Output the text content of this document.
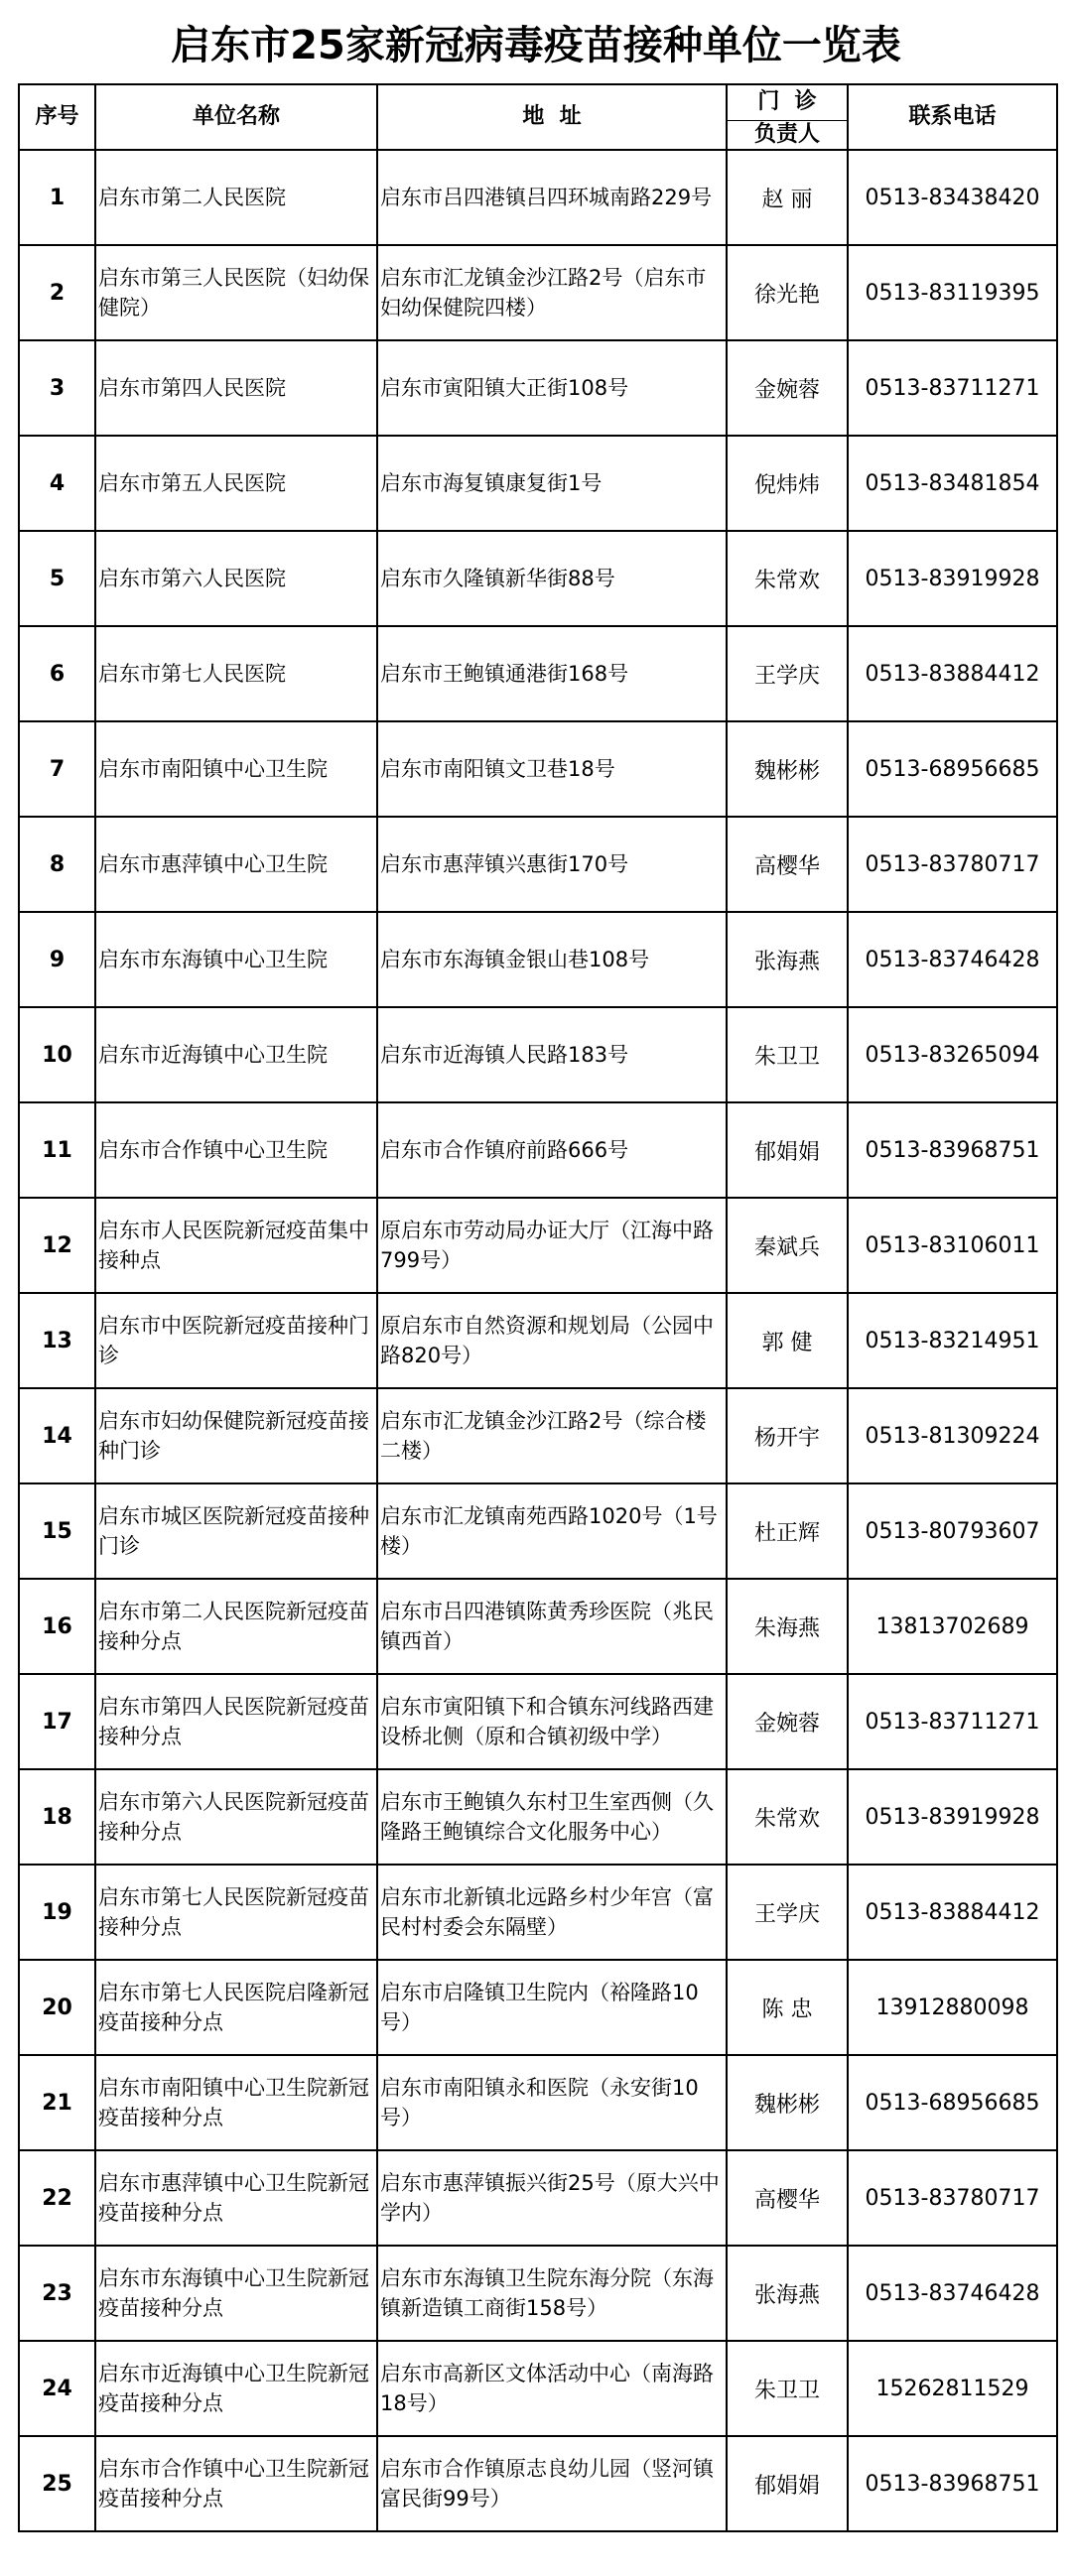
启东市25家新冠病毒疫苗接种单位一览表
序号	单位名称	地  址	门  诊	联系电话
			负责人	
1	启东市第二人民医院	启东市吕四港镇吕四环城南路229号	赵 丽	0513-83438420
2	启东市第三人民医院（妇幼保健院）	启东市汇龙镇金沙江路2号（启东市妇幼保健院四楼）	徐光艳	0513-83119395
3	启东市第四人民医院	启东市寅阳镇大正街108号	金婉蓉	0513-83711271
4	启东市第五人民医院	启东市海复镇康复街1号	倪炜炜	0513-83481854
5	启东市第六人民医院	启东市久隆镇新华街88号	朱常欢	0513-83919928
6	启东市第七人民医院	启东市王鲍镇通港街168号	王学庆	0513-83884412
7	启东市南阳镇中心卫生院	启东市南阳镇文卫巷18号	魏彬彬	0513-68956685
8	启东市惠萍镇中心卫生院	启东市惠萍镇兴惠街170号	高樱华	0513-83780717
9	启东市东海镇中心卫生院	启东市东海镇金银山巷108号	张海燕	0513-83746428
10	启东市近海镇中心卫生院	启东市近海镇人民路183号	朱卫卫	0513-83265094
11	启东市合作镇中心卫生院	启东市合作镇府前路666号	郁娟娟	0513-83968751
12	启东市人民医院新冠疫苗集中接种点	原启东市劳动局办证大厅（江海中路799号）	秦斌兵	0513-83106011
13	启东市中医院新冠疫苗接种门诊	原启东市自然资源和规划局（公园中路820号）	郭 健	0513-83214951
14	启东市妇幼保健院新冠疫苗接种门诊	启东市汇龙镇金沙江路2号（综合楼二楼）	杨开宇	0513-81309224
15	启东市城区医院新冠疫苗接种门诊	启东市汇龙镇南苑西路1020号（1号楼）	杜正辉	0513-80793607
16	启东市第二人民医院新冠疫苗接种分点	启东市吕四港镇陈黄秀珍医院（兆民镇西首）	朱海燕	13813702689
17	启东市第四人民医院新冠疫苗接种分点	启东市寅阳镇下和合镇东河线路西建设桥北侧（原和合镇初级中学）	金婉蓉	0513-83711271
18	启东市第六人民医院新冠疫苗接种分点	启东市王鲍镇久东村卫生室西侧（久隆路王鲍镇综合文化服务中心）	朱常欢	0513-83919928
19	启东市第七人民医院新冠疫苗接种分点	启东市北新镇北远路乡村少年宫（富民村村委会东隔壁）	王学庆	0513-83884412
20	启东市第七人民医院启隆新冠疫苗接种分点	启东市启隆镇卫生院内（裕隆路10号）	陈 忠	13912880098
21	启东市南阳镇中心卫生院新冠疫苗接种分点	启东市南阳镇永和医院（永安街10号）	魏彬彬	0513-68956685
22	启东市惠萍镇中心卫生院新冠疫苗接种分点	启东市惠萍镇振兴街25号（原大兴中学内）	高樱华	0513-83780717
23	启东市东海镇中心卫生院新冠疫苗接种分点	启东市东海镇卫生院东海分院（东海镇新造镇工商街158号）	张海燕	0513-83746428
24	启东市近海镇中心卫生院新冠疫苗接种分点	启东市高新区文体活动中心（南海路18号）	朱卫卫	15262811529
25	启东市合作镇中心卫生院新冠疫苗接种分点	启东市合作镇原志良幼儿园（竖河镇富民街99号）	郁娟娟	0513-83968751
